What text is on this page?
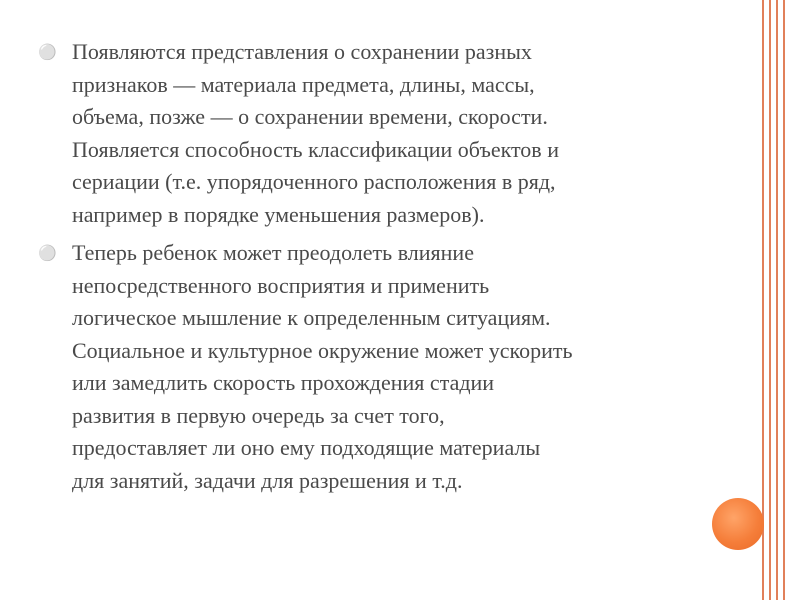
⚪ Появляются представления о сохранении разных
признаков — материала предмета, длины, массы,
объема, позже — о сохранении времени, скорости.
Появляется способность классификации объектов и
сериации (т.е. упорядоченного расположения в ряд,
например в порядке уменьшения размеров).
⚪ Теперь ребенок может преодолеть влияние
непосредственного восприятия и применить
логическое мышление к определенным ситуациям.
Социальное и культурное окружение может ускорить
или замедлить скорость прохождения стадии
развития в первую очередь за счет того,
предоставляет ли оно ему подходящие материалы
для занятий, задачи для разрешения и т.д.
